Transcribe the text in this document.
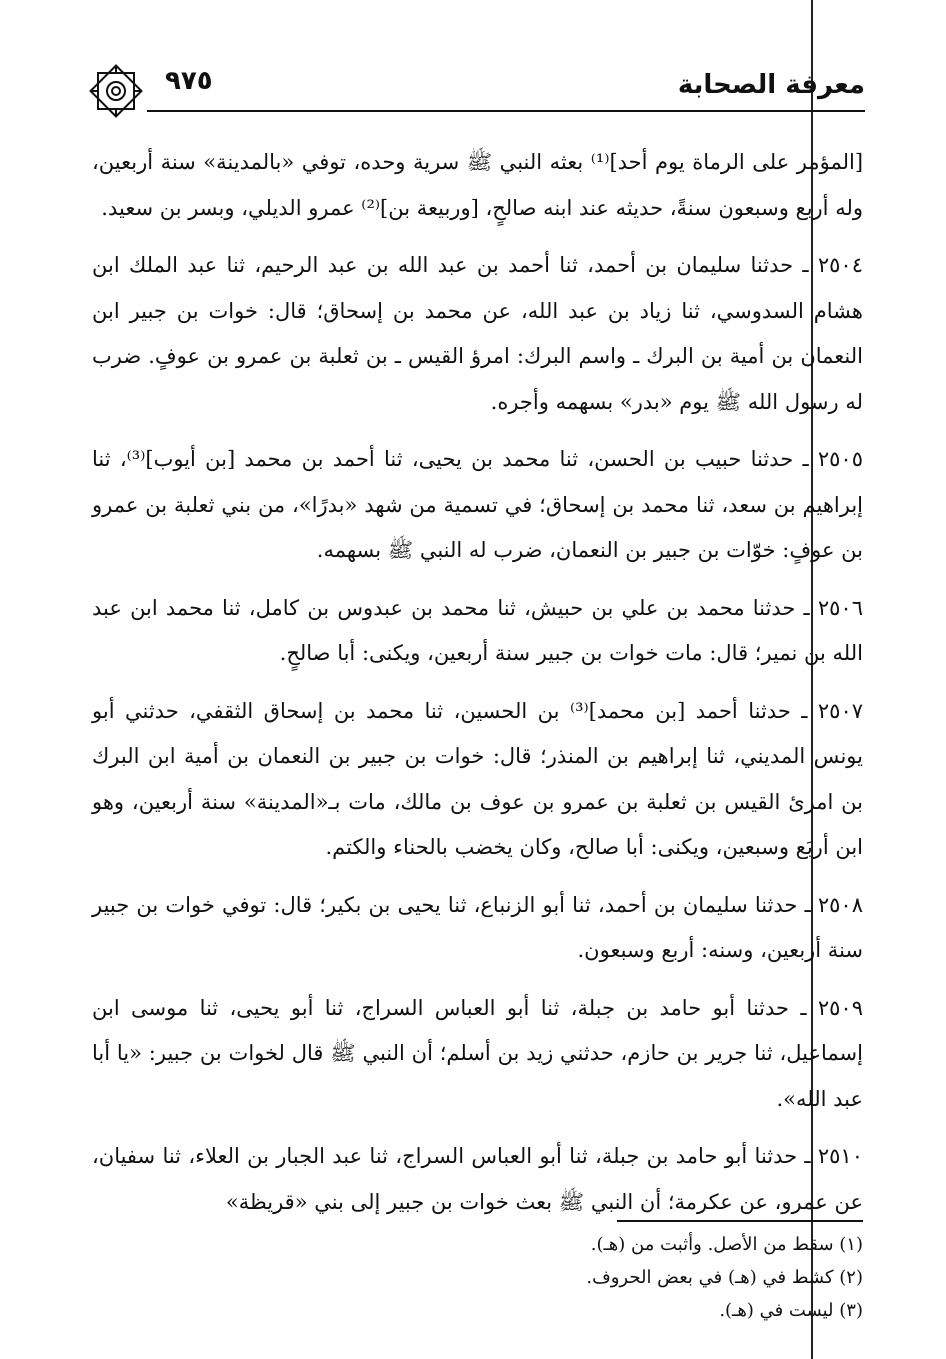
٩٧٥	معرفة الصحابة

[المؤمر على الرماة يوم أحد]⁽¹⁾ بعثه النبي ﷺ سرية وحده، توفي «بالمدينة» سنة أربعين، وله أربع وسبعون سنةً، حديثه عند ابنه صالحٍ، [وربيعة بن]⁽²⁾ عمرو الديلي، وبسر بن سعيد.

٢٥٠٤ ـ حدثنا سليمان بن أحمد، ثنا أحمد بن عبد الله بن عبد الرحيم، ثنا عبد الملك ابن هشام السدوسي، ثنا زياد بن عبد الله، عن محمد بن إسحاق؛ قال: خوات بن جبير ابن النعمان بن أمية بن البرك ـ واسم البرك: امرؤ القيس ـ بن ثعلبة بن عمرو بن عوفٍ. ضرب له رسول الله ﷺ يوم «بدر» بسهمه وأجره.

٢٥٠٥ ـ حدثنا حبيب بن الحسن، ثنا محمد بن يحيى، ثنا أحمد بن محمد [بن أيوب]⁽³⁾، ثنا إبراهيم بن سعد، ثنا محمد بن إسحاق؛ في تسمية من شهد «بدرًا»، من بني ثعلبة بن عمرو بن عوفٍ: خوّات بن جبير بن النعمان، ضرب له النبي ﷺ بسهمه.

٢٥٠٦ ـ حدثنا محمد بن علي بن حبيش، ثنا محمد بن عبدوس بن كامل، ثنا محمد ابن عبد الله بن نمير؛ قال: مات خوات بن جبير سنة أربعين، ويكنى: أبا صالحٍ.

٢٥٠٧ ـ حدثنا أحمد [بن محمد]⁽³⁾ بن الحسين، ثنا محمد بن إسحاق الثقفي، حدثني أبو يونس المديني، ثنا إبراهيم بن المنذر؛ قال: خوات بن جبير بن النعمان بن أمية ابن البرك بن امرئ القيس بن ثعلبة بن عمرو بن عوف بن مالك، مات بـ«المدينة» سنة أربعين، وهو ابن أربَع وسبعين، ويكنى: أبا صالح، وكان يخضب بالحناء والكتم.

٢٥٠٨ ـ حدثنا سليمان بن أحمد، ثنا أبو الزنباع، ثنا يحيى بن بكير؛ قال: توفي خوات بن جبير سنة أربعين، وسنه: أربع وسبعون.

٢٥٠٩ ـ حدثنا أبو حامد بن جبلة، ثنا أبو العباس السراج، ثنا أبو يحيى، ثنا موسى ابن إسماعيل، ثنا جرير بن حازم، حدثني زيد بن أسلم؛ أن النبي ﷺ قال لخوات بن جبير: «يا أبا عبد الله».

٢٥١٠ ـ حدثنا أبو حامد بن جبلة، ثنا أبو العباس السراج، ثنا عبد الجبار بن العلاء، ثنا سفيان، عن عمرو، عن عكرمة؛ أن النبي ﷺ بعث خوات بن جبير إلى بني «قريظة»

(١) سقط من الأصل. وأثبت من (هـ).

(٢) كشط في (هـ) في بعض الحروف.

(٣) ليست في (هـ).
